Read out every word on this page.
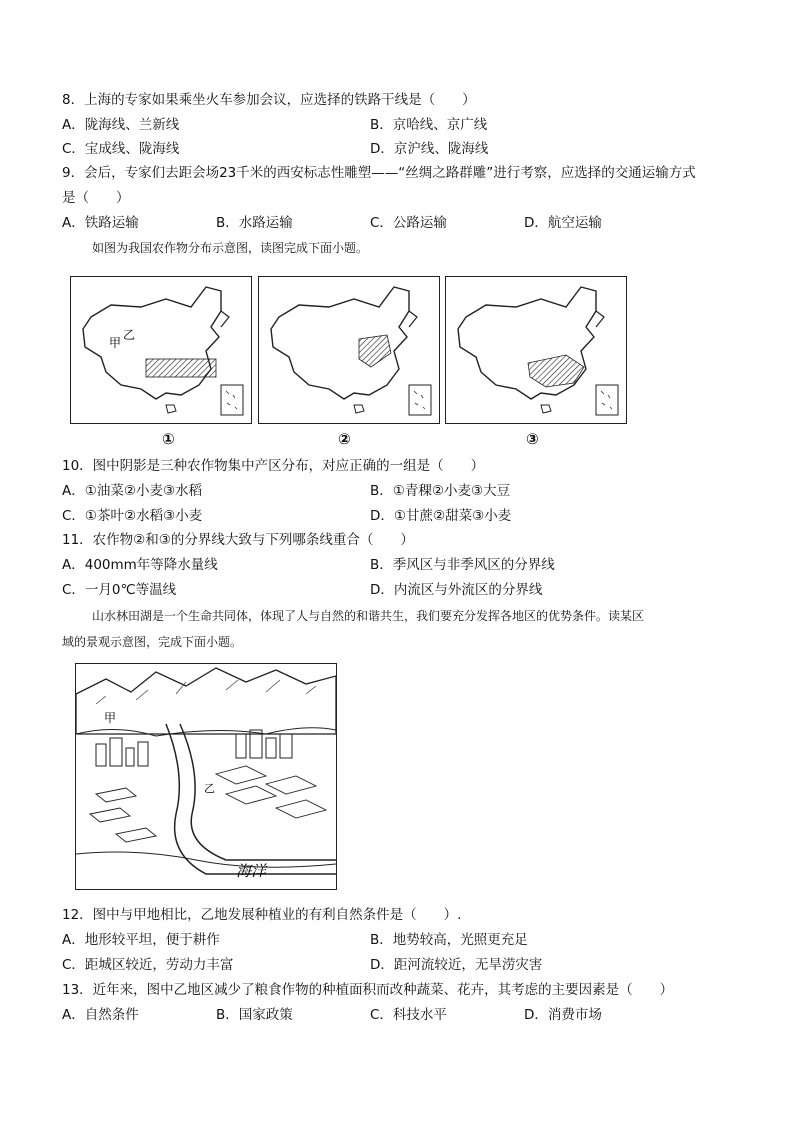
8．上海的专家如果乘坐火车参加会议，应选择的铁路干线是（　　）
A．陇海线、兰新线	B．京哈线、京广线
C．宝成线、陇海线	D．京沪线、陇海线
9．会后，专家们去距会场23千米的西安标志性雕塑——“丝绸之路群雕”进行考察，应选择的交通运输方式
是（　　）
A．铁路运输	B．水路运输	C．公路运输	D．航空运输
如图为我国农作物分布示意图，读图完成下面小题。
乙
甲
①	②	③
10．图中阴影是三种农作物集中产区分布，对应正确的一组是（　　）
A．①油菜②小麦③水稻	B．①青稞②小麦③大豆
C．①茶叶②水稻③小麦	D．①甘蔗②甜菜③小麦
11．农作物②和③的分界线大致与下列哪条线重合（　　）
A．400mm年等降水量线	B．季风区与非季风区的分界线
C．一月0℃等温线	D．内流区与外流区的分界线
山水林田湖是一个生命共同体，体现了人与自然的和谐共生，我们要充分发挥各地区的优势条件。读某区
域的景观示意图，完成下面小题。
甲
乙
海洋
12．图中与甲地相比，乙地发展种植业的有利自然条件是（　　）.
A．地形较平坦，便于耕作	B．地势较高，光照更充足
C．距城区较近，劳动力丰富	D．距河流较近，无旱涝灾害
13．近年来，图中乙地区减少了粮食作物的种植面积而改种蔬菜、花卉，其考虑的主要因素是（　　）
A．自然条件	B．国家政策	C．科技水平	D．消费市场
